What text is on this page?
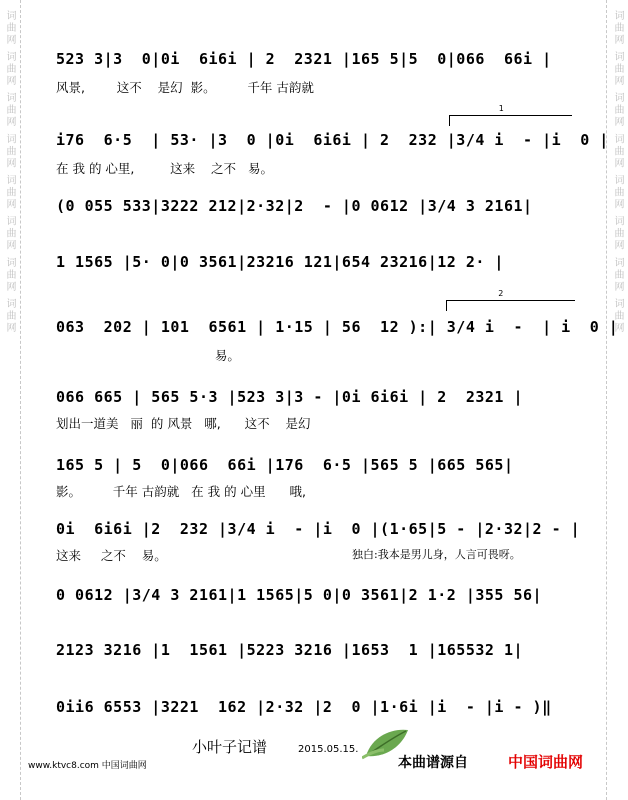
词曲网 词曲网 词曲网 词曲网 词曲网 词曲网 词曲网 词曲网	词曲网 词曲网 词曲网 词曲网 词曲网 词曲网 词曲网 词曲网
523 3|3  0|0i  6i6i | 2  2321 |165 5|5  0|066  66i |
风景,        这不    是幻  影。        千年 古韵就
1
i76  6·5  | 53· |3  0 |0i  6i6i | 2  232 |3/4 i  - |i  0 |
在 我 的 心里,         这来    之不   易。
(0 055 533|3222 212|2·32|2  - |0 0612 |3/4 3 2161|
1 1565 |5· 0|0 3561|23216 121|654 23216|12 2· |
2
063  202 | 101  6561 | 1·15 | 56  12 ):| 3/4 i  -  | i  0 |
易。
066 665 | 565 5·3 |523 3|3 - |0i 6i6i | 2  2321 |
划出一道美   丽  的 风景   哪,      这不    是幻
165 5 | 5  0|066  66i |176  6·5 |565 5 |665 565|
影。        千年 古韵就   在 我 的 心里      哦,
0i  6i6i |2  232 |3/4 i  - |i  0 |(1·65|5 - |2·32|2 - |
这来     之不    易。	独白:我本是男儿身，人言可畏呀。
0 0612 |3/4 3 2161|1 1565|5 0|0 3561|2 1·2 |355 56|
2123 3216 |1  1561 |5223 3216 |1653  1 |165532 1|
0ii6 6553 |3221  162 |2·32 |2  0 |1·6i |i  - |i - )‖
小叶子记谱	2015.05.15.
本曲谱源自	中国词曲网
www.ktvc8.com 中国词曲网
